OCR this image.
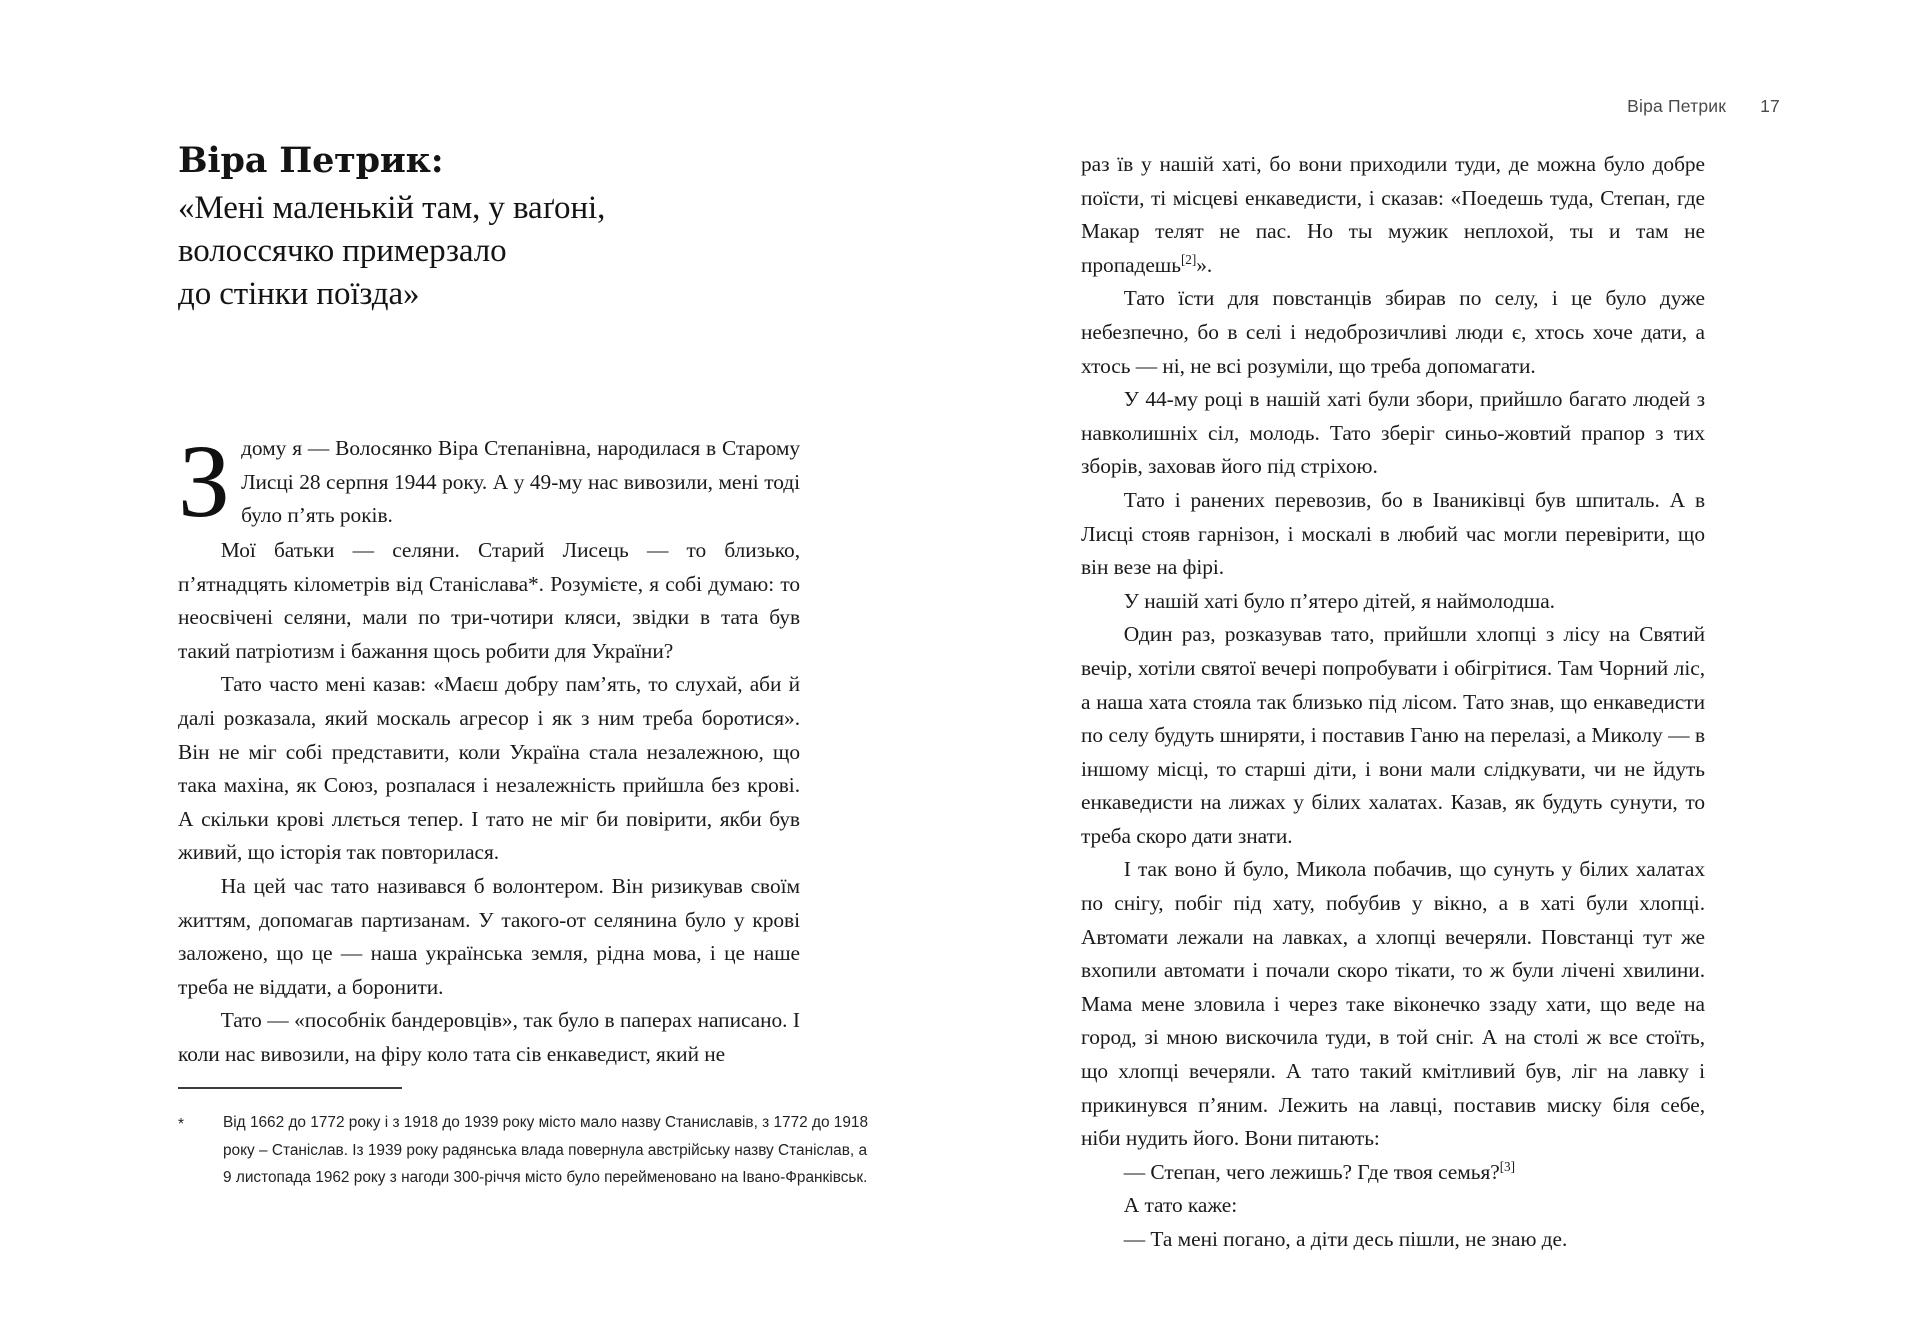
Віра Петрик 17
Віра Петрик:
«Мені маленькій там, у ваґоні,
волоссячко примерзало
до стінки поїзда»

Здому я — Волосянко Віра Степанівна, народилася в Старому Лисці 28 серпня 1944 року. А у 49-му нас вивозили, мені тоді було п’ять років.

Мої батьки — селяни. Старий Лисець — то близько, п’ятнадцять кілометрів від Станіслава*. Розумієте, я собі думаю: то неосвічені селяни, мали по три-чотири кляси, звідки в тата був такий патріотизм і бажання щось робити для України?

Тато часто мені казав: «Маєш добру пам’ять, то слухай, аби й далі розказала, який москаль агресор і як з ним треба боротися». Він не міг собі представити, коли Україна стала незалежною, що така махіна, як Союз, розпалася і незалежність прийшла без крові. А скільки крові ллється тепер. І тато не міг би повірити, якби був живий, що історія так повторилася.

На цей час тато називався б волонтером. Він ризикував своїм життям, допомагав партизанам. У такого-от селянина було у крові заложено, що це — наша українська земля, рідна мова, і це наше треба не віддати, а боронити.

Тато — «пособнік бандеровців», так було в паперах написано. І коли нас вивозили, на фіру коло тата сів енкаведист, який не

*	Від 1662 до 1772 року і з 1918 до 1939 року місто мало назву Станиславів, з 1772 до 1918 року – Станіслав. Із 1939 року радянська влада повернула австрійську назву Станіслав, а 9 листопада 1962 року з нагоди 300-річчя місто було перейменовано на Івано-Франківськ.

раз їв у нашій хаті, бо вони приходили туди, де можна було добре поїсти, ті місцеві енкаведисти, і сказав: «Поедешь туда, Степан, где Макар телят не пас. Но ты мужик неплохой, ты и там не пропадешь[2]».

Тато їсти для повстанців збирав по селу, і це було дуже небезпечно, бо в селі і недоброзичливі люди є, хтось хоче дати, а хтось — ні, не всі розуміли, що треба допомагати.

У 44-му році в нашій хаті були збори, прийшло багато людей з навколишніх сіл, молодь. Тато зберіг синьо-жовтий прапор з тих зборів, заховав його під стріхою.

Тато і ранених перевозив, бо в Іваниківці був шпиталь. А в Лисці стояв гарнізон, і москалі в любий час могли перевірити, що він везе на фірі.

У нашій хаті було п’ятеро дітей, я наймолодша.

Один раз, розказував тато, прийшли хлопці з лісу на Святий вечір, хотіли святої вечері попробувати і обігрітися. Там Чорний ліс, а наша хата стояла так близько під лісом. Тато знав, що енкаведисти по селу будуть шниряти, і поставив Ганю на перелазі, а Миколу — в іншому місці, то старші діти, і вони мали слідкувати, чи не йдуть енкаведисти на лижах у білих халатах. Казав, як будуть сунути, то треба скоро дати знати.

І так воно й було, Микола побачив, що сунуть у білих халатах по снігу, побіг під хату, побубив у вікно, а в хаті були хлопці. Автомати лежали на лавках, а хлопці вечеряли. Повстанці тут же вхопили автомати і почали скоро тікати, то ж були лічені хвилини. Мама мене зловила і через таке віконечко ззаду хати, що веде на город, зі мною вискочила туди, в той сніг. А на столі ж все стоїть, що хлопці вечеряли. А тато такий кмітливий був, ліг на лавку і прикинувся п’яним. Лежить на лавці, поставив миску біля себе, ніби нудить його. Вони питають:

— Степан, чего лежишь? Где твоя семья?[3]

А тато каже:

— Та мені погано, а діти десь пішли, не знаю де.
